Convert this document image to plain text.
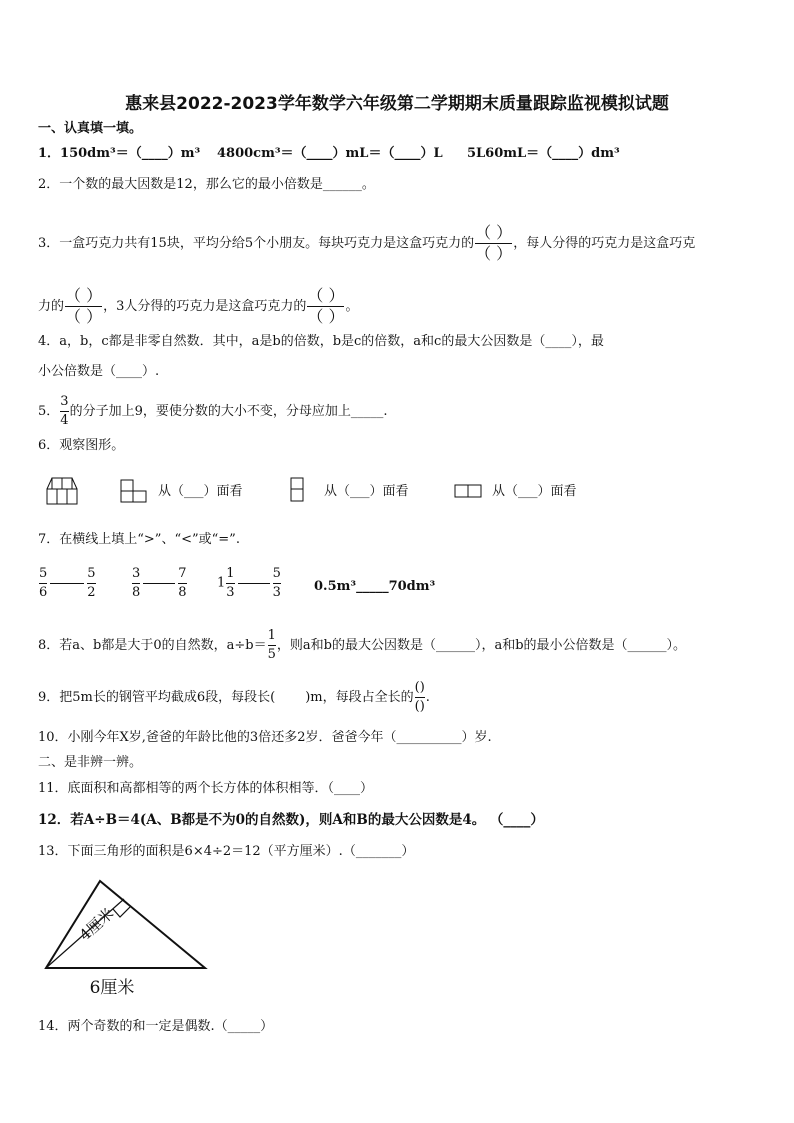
惠来县2022-2023学年数学六年级第二学期期末质量跟踪监视模拟试题
一、认真填一填。
1．150dm³＝（____）m³ 4800cm³＝（____）mL＝（____）L 5L60mL＝（____）dm³
2．一个数的最大因数是12，那么它的最小倍数是______。
3．一盒巧克力共有15块，平均分给5个小朋友。每块巧克力是这盒巧克力的 $\frac{( )}{( )}$ ，每人分得的巧克力是这盒巧克
力的 $\frac{( )}{( )}$ ，3人分得的巧克力是这盒巧克力的 $\frac{( )}{( )}$ 。
4．a，b，c都是非零自然数．其中，a是b的倍数，b是c的倍数，a和c的最大公因数是（____），最
小公倍数是（____）.
5． $\frac{3}{4}$ 的分子加上9，要使分数的大小不变，分母应加上_____.
6．观察图形。
从（___）面看	从（___）面看	从（___）面看
7．在横线上填上“>”、“<”或“=”.
$\frac{5}{6}$	$\frac{5}{2}$	$\frac{3}{8}$	$\frac{7}{8} 1 \frac{1}{3}$	$\frac{5}{3}$	0.5m³_____70dm³
8．若a、b都是大于0的自然数，$a\div b= \frac{1}{5}$ ，则a和b的最大公因数是（______），a和b的最小公倍数是（______）。
9．把5m长的钢管平均截成6段，每段长( )m，每段占全长的 $\frac{()}{()}$ .
10．小刚今年X岁,爸爸的年龄比他的3倍还多2岁．爸爸今年（__________）岁.
二、是非辨一辨。
11．底面积和高都相等的两个长方体的体积相等．（____）
12．若A÷B＝4(A、B都是不为0的自然数)，则A和B的最大公因数是4。 （____）
13．下面三角形的面积是6×4÷2＝12（平方厘米）.（_______）
4厘米
6厘米
14．两个奇数的和一定是偶数.（_____）
